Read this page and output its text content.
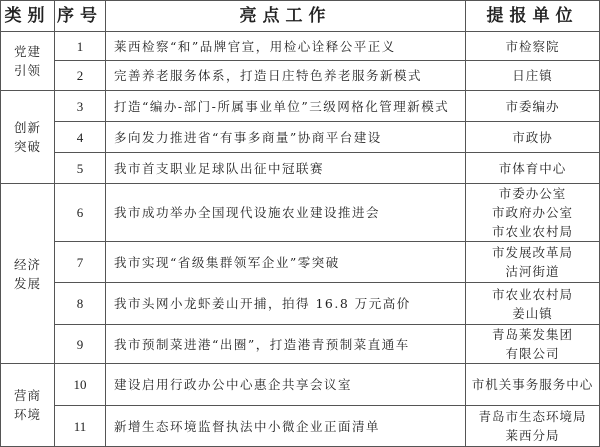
类别	序号	亮点工作	提报单位

党建
引领	1	莱西检察“和”品牌官宣，用检心诠释公平正义	市检察院

	2	完善养老服务体系，打造日庄特色养老服务新模式	日庄镇

创新
突破	3	打造“编办-部门-所属事业单位”三级网格化管理新模式	市委编办

	4	多向发力推进省“有事多商量”协商平台建设	市政协

	5	我市首支职业足球队出征中冠联赛	市体育中心

经济
发展	6	我市成功举办全国现代设施农业建设推进会	市委办公室
市政府办公室
市农业农村局

	7	我市实现“省级集群领军企业”零突破	市发展改革局
沽河街道

	8	我市头网小龙虾姜山开捕，拍得 16.8 万元高价	市农业农村局
姜山镇

	9	我市预制菜进港“出圈”，打造港青预制菜直通车	青岛莱发集团
有限公司

营商
环境	10	建设启用行政办公中心惠企共享会议室	市机关事务服务中心

	11	新增生态环境监督执法中小微企业正面清单	青岛市生态环境局
莱西分局
